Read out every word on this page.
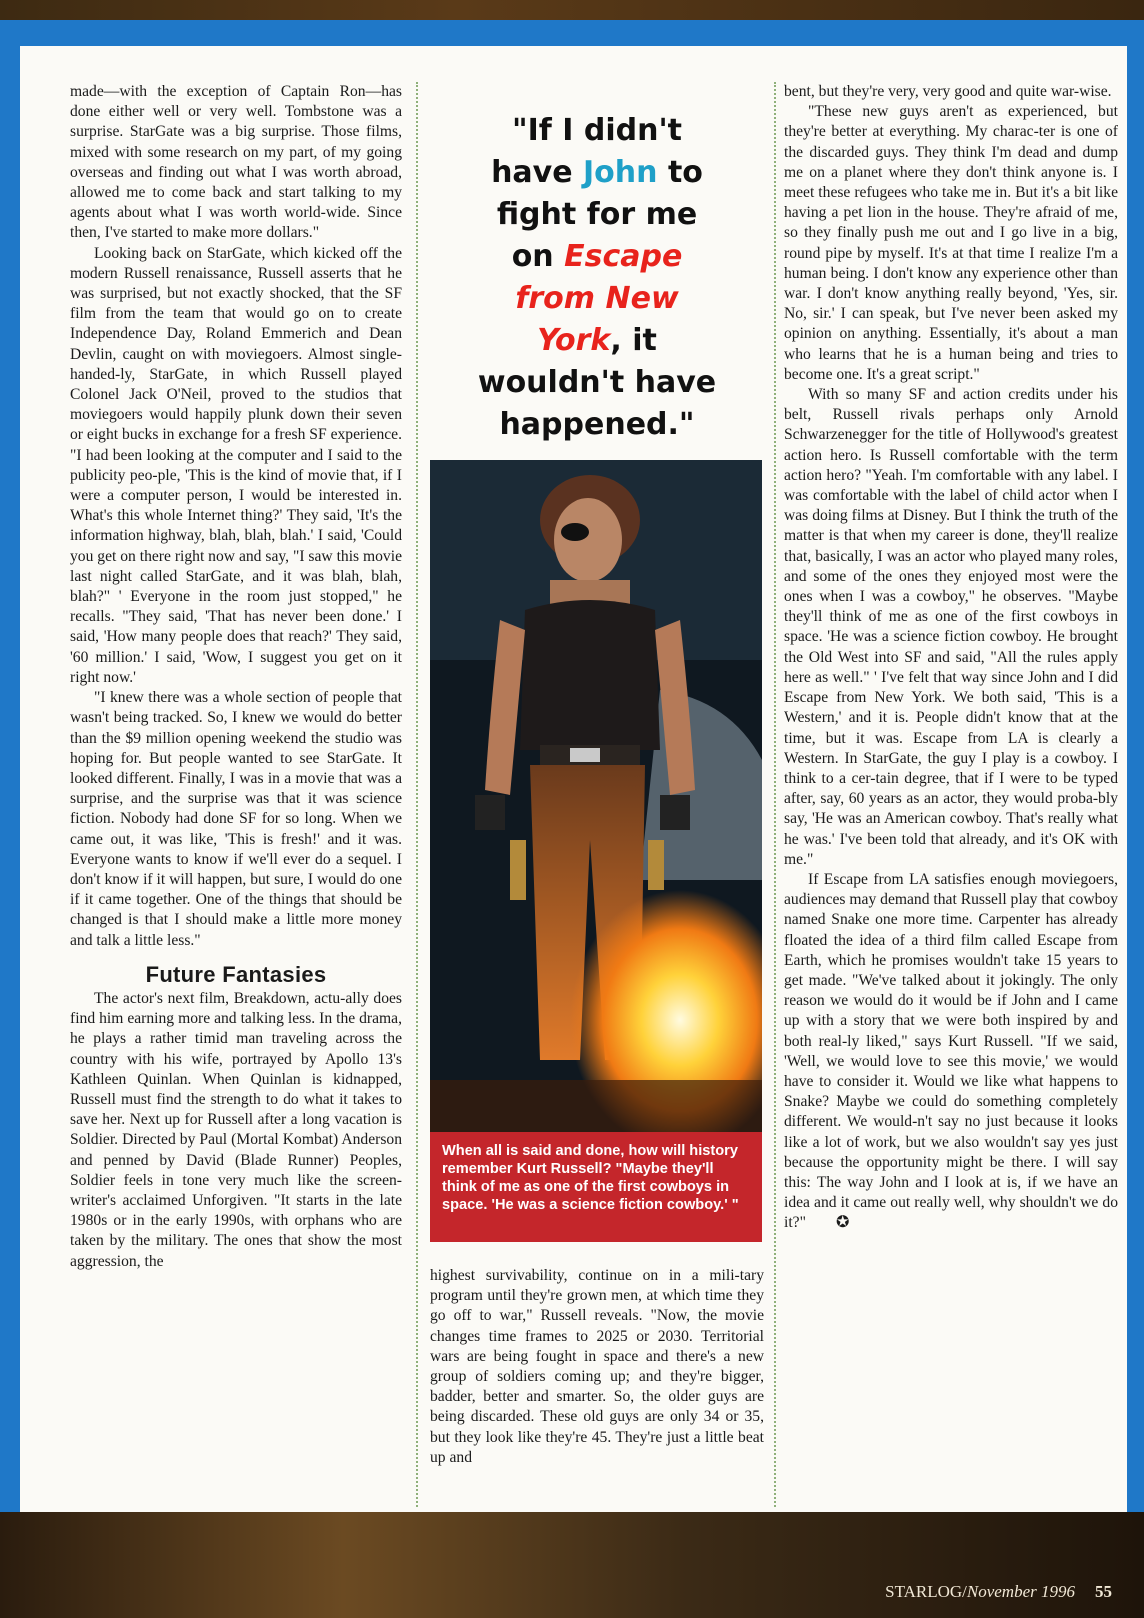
made—with the exception of Captain Ron—has done either well or very well. Tombstone was a surprise. StarGate was a big surprise. Those films, mixed with some research on my part, of my going overseas and finding out what I was worth abroad, allowed me to come back and start talking to my agents about what I was worth world-wide. Since then, I've started to make more dollars."

Looking back on StarGate, which kicked off the modern Russell renaissance, Russell asserts that he was surprised, but not exactly shocked, that the SF film from the team that would go on to create Independence Day, Roland Emmerich and Dean Devlin, caught on with moviegoers. Almost single-handed-ly, StarGate, in which Russell played Colonel Jack O'Neil, proved to the studios that moviegoers would happily plunk down their seven or eight bucks in exchange for a fresh SF experience. "I had been looking at the computer and I said to the publicity peo-ple, 'This is the kind of movie that, if I were a computer person, I would be interested in. What's this whole Internet thing?' They said, 'It's the information highway, blah, blah, blah.' I said, 'Could you get on there right now and say, "I saw this movie last night called StarGate, and it was blah, blah, blah?" ' Everyone in the room just stopped," he recalls. "They said, 'That has never been done.' I said, 'How many people does that reach?' They said, '60 million.' I said, 'Wow, I suggest you get on it right now.'

"I knew there was a whole section of people that wasn't being tracked. So, I knew we would do better than the $9 million opening weekend the studio was hoping for. But people wanted to see StarGate. It looked different. Finally, I was in a movie that was a surprise, and the surprise was that it was science fiction. Nobody had done SF for so long. When we came out, it was like, 'This is fresh!' and it was. Everyone wants to know if we'll ever do a sequel. I don't know if it will happen, but sure, I would do one if it came together. One of the things that should be changed is that I should make a little more money and talk a little less."

Future Fantasies

The actor's next film, Breakdown, actu-ally does find him earning more and talking less. In the drama, he plays a rather timid man traveling across the country with his wife, portrayed by Apollo 13's Kathleen Quinlan. When Quinlan is kidnapped, Russell must find the strength to do what it takes to save her. Next up for Russell after a long vacation is Soldier. Directed by Paul (Mortal Kombat) Anderson and penned by David (Blade Runner) Peoples, Soldier feels in tone very much like the screen-writer's acclaimed Unforgiven. "It starts in the late 1980s or in the early 1990s, with orphans who are taken by the military. The ones that show the most aggression, the

"If I didn't
have John to
fight for me
on Escape
from New
York, it
wouldn't have
happened."
When all is said and done, how will history remember Kurt Russell? "Maybe they'll think of me as one of the first cowboys in space. 'He was a science fiction cowboy.' "

highest survivability, continue on in a mili-tary program until they're grown men, at which time they go off to war," Russell reveals. "Now, the movie changes time frames to 2025 or 2030. Territorial wars are being fought in space and there's a new group of soldiers coming up; and they're bigger, badder, better and smarter. So, the older guys are being discarded. These old guys are only 34 or 35, but they look like they're 45. They're just a little beat up and

bent, but they're very, very good and quite war-wise.

"These new guys aren't as experienced, but they're better at everything. My charac-ter is one of the discarded guys. They think I'm dead and dump me on a planet where they don't think anyone is. I meet these refugees who take me in. But it's a bit like having a pet lion in the house. They're afraid of me, so they finally push me out and I go live in a big, round pipe by myself. It's at that time I realize I'm a human being. I don't know any experience other than war. I don't know anything really beyond, 'Yes, sir. No, sir.' I can speak, but I've never been asked my opinion on anything. Essentially, it's about a man who learns that he is a human being and tries to become one. It's a great script."

With so many SF and action credits under his belt, Russell rivals perhaps only Arnold Schwarzenegger for the title of Hollywood's greatest action hero. Is Russell comfortable with the term action hero? "Yeah. I'm comfortable with any label. I was comfortable with the label of child actor when I was doing films at Disney. But I think the truth of the matter is that when my career is done, they'll realize that, basically, I was an actor who played many roles, and some of the ones they enjoyed most were the ones when I was a cowboy," he observes. "Maybe they'll think of me as one of the first cowboys in space. 'He was a science fiction cowboy. He brought the Old West into SF and said, "All the rules apply here as well." ' I've felt that way since John and I did Escape from New York. We both said, 'This is a Western,' and it is. People didn't know that at the time, but it was. Escape from LA is clearly a Western. In StarGate, the guy I play is a cowboy. I think to a cer-tain degree, that if I were to be typed after, say, 60 years as an actor, they would proba-bly say, 'He was an American cowboy. That's really what he was.' I've been told that already, and it's OK with me."

If Escape from LA satisfies enough moviegoers, audiences may demand that Russell play that cowboy named Snake one more time. Carpenter has already floated the idea of a third film called Escape from Earth, which he promises wouldn't take 15 years to get made. "We've talked about it jokingly. The only reason we would do it would be if John and I came up with a story that we were both inspired by and both real-ly liked," says Kurt Russell. "If we said, 'Well, we would love to see this movie,' we would have to consider it. Would we like what happens to Snake? Maybe we could do something completely different. We would-n't say no just because it looks like a lot of work, but we also wouldn't say yes just because the opportunity might be there. I will say this: The way John and I look at is, if we have an idea and it came out really well, why shouldn't we do it?" ✪

STARLOG/November 1996 55
